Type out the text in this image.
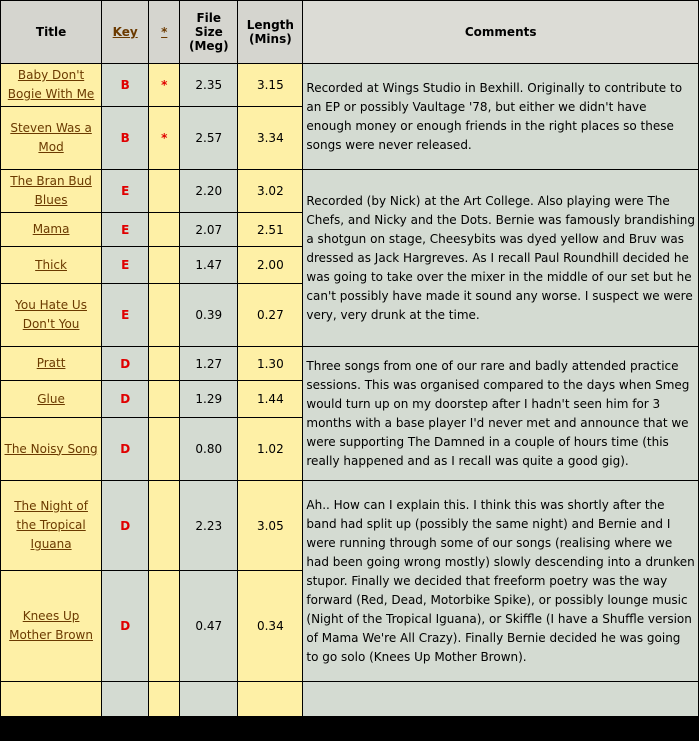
Title	Key	*	File Size (Meg)	Length (Mins)	Comments
Baby Don't Bogie With Me	B	*	2.35	3.15	Recorded at Wings Studio in Bexhill. Originally to contribute to an EP or possibly Vaultage '78, but either we didn't have enough money or enough friends in the right places so these songs were never released.
Steven Was a Mod	B	*	2.57	3.34	
The Bran Bud Blues	E		2.20	3.02	Recorded (by Nick) at the Art College. Also playing were The Chefs, and Nicky and the Dots. Bernie was famously brandishing a shotgun on stage, Cheesybits was dyed yellow and Bruv was dressed as Jack Hargreves. As I recall Paul Roundhill decided he was going to take over the mixer in the middle of our set but he can't possibly have made it sound any worse. I suspect we were very, very drunk at the time.
Mama	E		2.07	2.51	
Thick	E		1.47	2.00	
You Hate Us Don't You	E		0.39	0.27	
Pratt	D		1.27	1.30	Three songs from one of our rare and badly attended practice sessions. This was organised compared to the days when Smeg would turn up on my doorstep after I hadn't seen him for 3 months with a base player I'd never met and announce that we were supporting The Damned in a couple of hours time (this really happened and as I recall was quite a good gig).
Glue	D		1.29	1.44	
The Noisy Song	D		0.80	1.02	
The Night of the Tropical Iguana	D		2.23	3.05	Ah.. How can I explain this. I think this was shortly after the band had split up (possibly the same night) and Bernie and I were running through some of our songs (realising where we had been going wrong mostly) slowly descending into a drunken stupor. Finally we decided that freeform poetry was the way forward (Red, Dead, Motorbike Spike), or possibly lounge music (Night of the Tropical Iguana), or Skiffle (I have a Shuffle version of Mama We're All Crazy). Finally Bernie decided he was going to go solo (Knees Up Mother Brown).
Knees Up Mother Brown	D		0.47	0.34	
